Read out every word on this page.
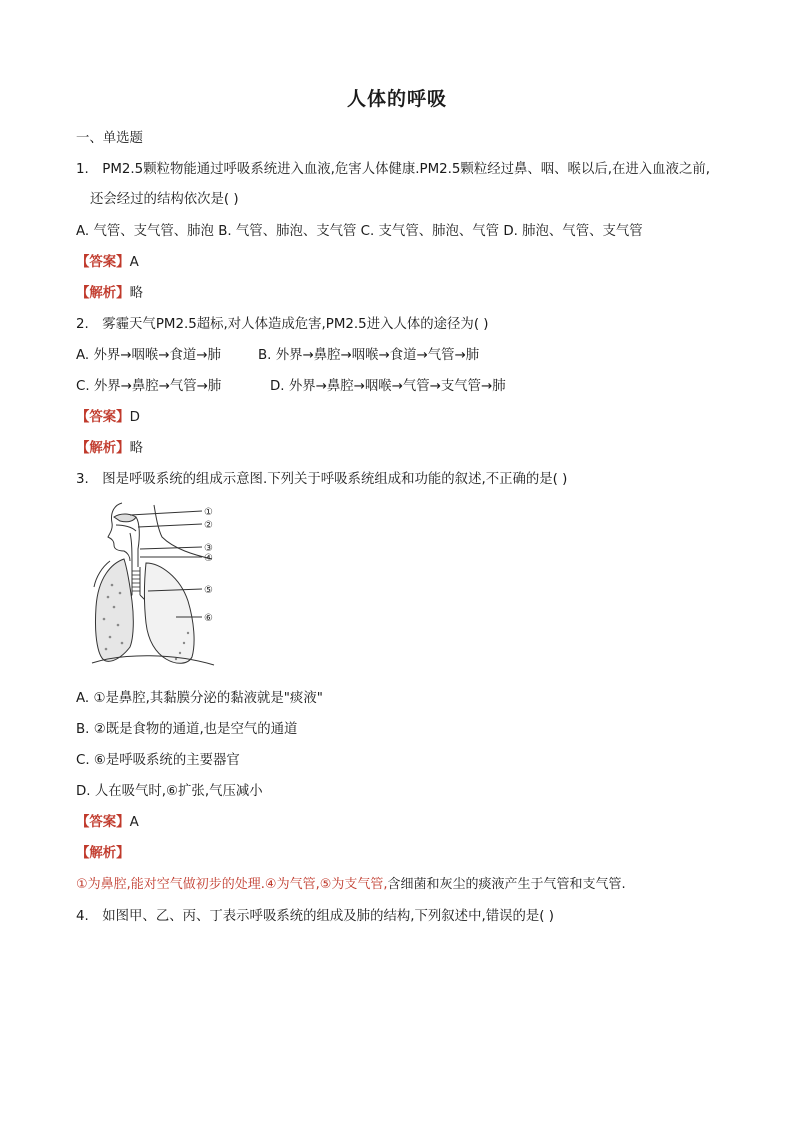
人体的呼吸
一、单选题
1. PM2.5颗粒物能通过呼吸系统进入血液,危害人体健康.PM2.5颗粒经过鼻、咽、喉以后,在进入血液之前,
还会经过的结构依次是( )
A. 气管、支气管、肺泡 B. 气管、肺泡、支气管 C. 支气管、肺泡、气管 D. 肺泡、气管、支气管
【答案】A
【解析】略
2. 雾霾天气PM2.5超标,对人体造成危害,PM2.5进入人体的途径为( )
A. 外界→咽喉→食道→肺	B. 外界→鼻腔→咽喉→食道→气管→肺
C. 外界→鼻腔→气管→肺	D. 外界→鼻腔→咽喉→气管→支气管→肺
【答案】D
【解析】略
3. 图是呼吸系统的组成示意图.下列关于呼吸系统组成和功能的叙述,不正确的是( )
①
②
③
④
⑤
⑥
A. ①是鼻腔,其黏膜分泌的黏液就是"痰液"
B. ②既是食物的通道,也是空气的通道
C. ⑥是呼吸系统的主要器官
D. 人在吸气时,⑥扩张,气压减小
【答案】A
【解析】
①为鼻腔,能对空气做初步的处理.④为气管,⑤为支气管,含细菌和灰尘的痰液产生于气管和支气管.
4. 如图甲、乙、丙、丁表示呼吸系统的组成及肺的结构,下列叙述中,错误的是( )
